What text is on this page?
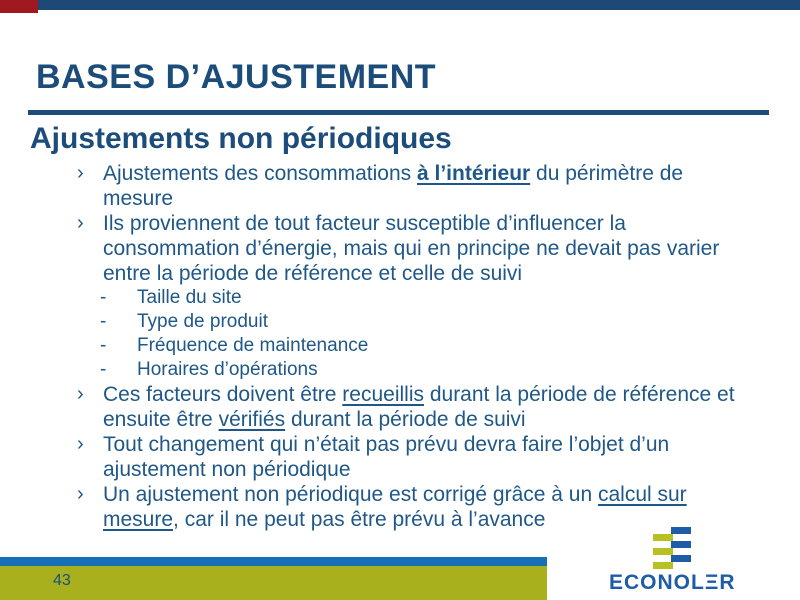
BASES D’AJUSTEMENT
Ajustements non périodiques
› Ajustements des consommations à l’intérieur du périmètre de
mesure
› Ils proviennent de tout facteur susceptible d’influencer la
consommation d’énergie, mais qui en principe ne devait pas varier
entre la période de référence et celle de suivi
-	Taille du site
-	Type de produit
-	Fréquence de maintenance
-	Horaires d’opérations
› Ces facteurs doivent être recueillis durant la période de référence et
ensuite être vérifiés durant la période de suivi
› Tout changement qui n’était pas prévu devra faire l’objet d’un
ajustement non périodique
› Un ajustement non périodique est corrigé grâce à un calcul sur
mesure, car il ne peut pas être prévu à l’avance
43	ECONOLΞR
